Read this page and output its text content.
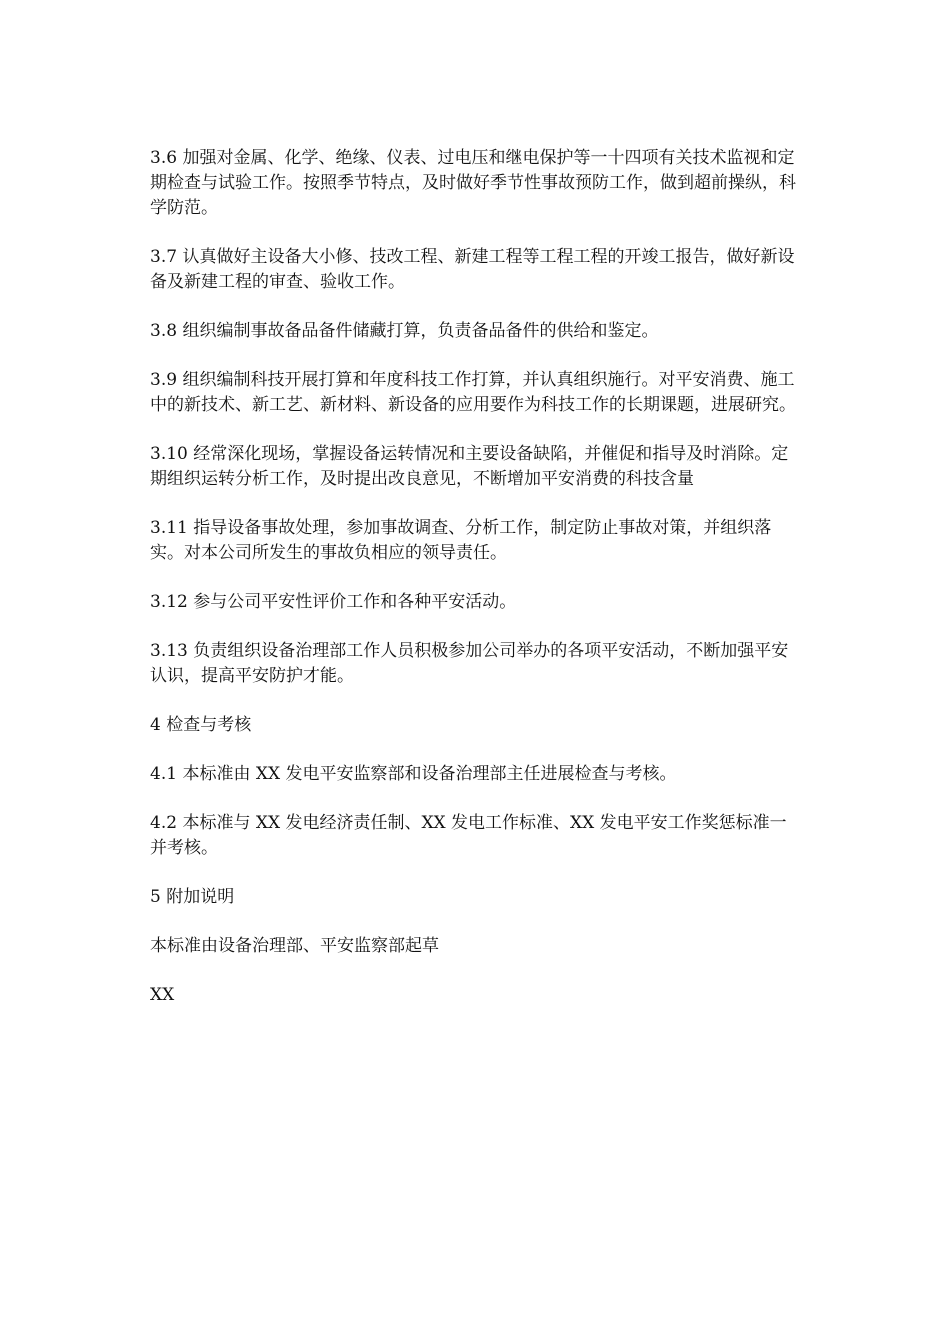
3.6 加强对金属、化学、绝缘、仪表、过电压和继电保护等一十四项有关技术监视和定期检查与试验工作。按照季节特点，及时做好季节性事故预防工作，做到超前操纵，科学防范。

3.7 认真做好主设备大小修、技改工程、新建工程等工程工程的开竣工报告，做好新设备及新建工程的审查、验收工作。

3.8 组织编制事故备品备件储藏打算，负责备品备件的供给和鉴定。

3.9 组织编制科技开展打算和年度科技工作打算，并认真组织施行。对平安消费、施工中的新技术、新工艺、新材料、新设备的应用要作为科技工作的长期课题，进展研究。

3.10 经常深化现场，掌握设备运转情况和主要设备缺陷，并催促和指导及时消除。定期组织运转分析工作，及时提出改良意见，不断增加平安消费的科技含量

3.11 指导设备事故处理，参加事故调查、分析工作，制定防止事故对策，并组织落实。对本公司所发生的事故负相应的领导责任。

3.12 参与公司平安性评价工作和各种平安活动。

3.13 负责组织设备治理部工作人员积极参加公司举办的各项平安活动，不断加强平安认识，提高平安防护才能。

4 检查与考核

4.1 本标准由 XX 发电平安监察部和设备治理部主任进展检查与考核。

4.2 本标准与 XX 发电经济责任制、XX 发电工作标准、XX 发电平安工作奖惩标准一并考核。

5 附加说明

本标准由设备治理部、平安监察部起草

XX
